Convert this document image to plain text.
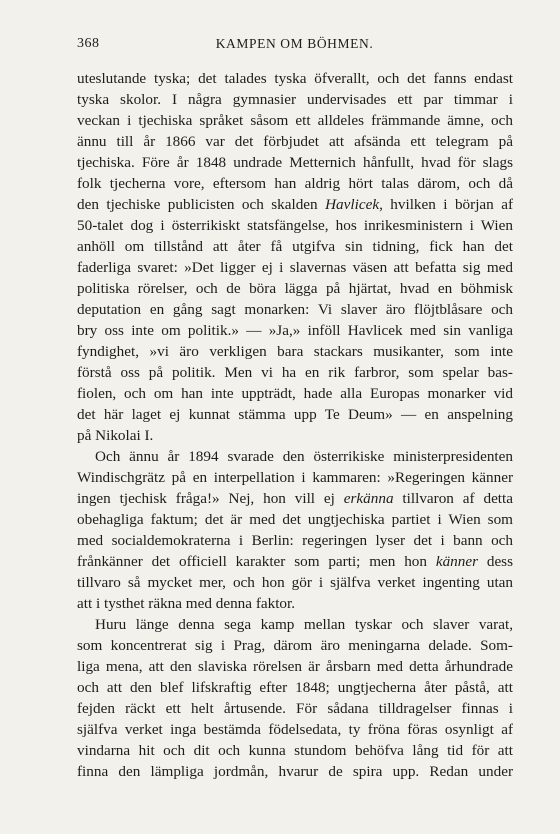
368	KAMPEN OM BÖHMEN.
uteslutande tyska; det talades tyska öfverallt, och det fanns endast
tyska skolor. I några gymnasier undervisades ett par timmar i
veckan i tjechiska språket såsom ett alldeles främmande ämne, och
ännu till år 1866 var det förbjudet att afsända ett telegram på
tjechiska. Före år 1848 undrade Metternich hånfullt, hvad för slags
folk tjecherna vore, eftersom han aldrig hört talas därom, och då
den tjechiske publicisten och skalden Havlicek, hvilken i början af
50-talet dog i österrikiskt statsfängelse, hos inrikesministern i Wien
anhöll om tillstånd att åter få utgifva sin tidning, fick han det
faderliga svaret: »Det ligger ej i slavernas väsen att befatta sig med
politiska rörelser, och de böra lägga på hjärtat, hvad en böhmisk
deputation en gång sagt monarken: Vi slaver äro flöjtblåsare och
bry oss inte om politik.» — »Ja,» inföll Havlicek med sin vanliga
fyndighet, »vi äro verkligen bara stackars musikanter, som inte
förstå oss på politik. Men vi ha en rik farbror, som spelar bas-
fiolen, och om han inte uppträdt, hade alla Europas monarker vid
det här laget ej kunnat stämma upp Te Deum» — en anspelning
på Nikolai I.
Och ännu år 1894 svarade den österrikiske ministerpresidenten
Windischgrätz på en interpellation i kammaren: »Regeringen känner
ingen tjechisk fråga!» Nej, hon vill ej erkänna tillvaron af detta
obehagliga faktum; det är med det ungtjechiska partiet i Wien som
med socialdemokraterna i Berlin: regeringen lyser det i bann och
frånkänner det officiell karakter som parti; men hon känner dess
tillvaro så mycket mer, och hon gör i själfva verket ingenting utan
att i tysthet räkna med denna faktor.
Huru länge denna sega kamp mellan tyskar och slaver varat,
som koncentrerat sig i Prag, därom äro meningarna delade. Som-
liga mena, att den slaviska rörelsen är årsbarn med detta århundrade
och att den blef lifskraftig efter 1848; ungtjecherna åter påstå, att
fejden räckt ett helt årtusende. För sådana tilldragelser finnas i
själfva verket inga bestämda födelsedata, ty fröna föras osynligt af
vindarna hit och dit och kunna stundom behöfva lång tid för att
finna den lämpliga jordmån, hvarur de spira upp. Redan under
